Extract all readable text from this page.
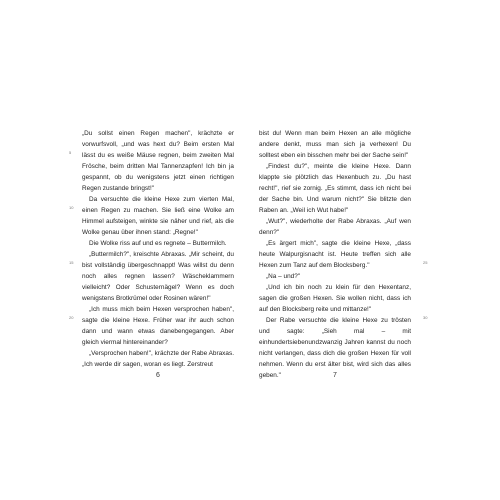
„Du sollst einen Regen machen", krächzte er vorwurfsvoll, „und was hext du? Beim ersten Mal lässt du es weiße Mäuse regnen, beim zweiten Mal Frösche, beim dritten Mal Tannenzapfen! Ich bin ja gespannt, ob du wenigstens jetzt einen richtigen Regen zustande bringst!"

Da versuchte die kleine Hexe zum vierten Mal, einen Regen zu machen. Sie ließ eine Wolke am Himmel aufsteigen, winkte sie näher und rief, als die Wolke genau über ihnen stand: „Regne!"

Die Wolke riss auf und es regnete – Buttermilch.

„Buttermilch?", kreischte Abraxas. „Mir scheint, du bist vollständig übergeschnappt! Was willst du denn noch alles regnen lassen? Wäscheklammern vielleicht? Oder Schusternägel? Wenn es doch wenigstens Brotkrümel oder Rosinen wären!"

„Ich muss mich beim Hexen versprochen haben", sagte die kleine Hexe. Früher war ihr auch schon dann und wann etwas danebengegangen. Aber gleich viermal hintereinander?

„Versprochen haben!", krächzte der Rabe Abraxas. „Ich werde dir sagen, woran es liegt. Zerstreut

bist du! Wenn man beim Hexen an alle mögliche andere denkt, muss man sich ja verhexen! Du solltest eben ein bisschen mehr bei der Sache sein!"

„Findest du?", meinte die kleine Hexe. Dann klappte sie plötzlich das Hexenbuch zu. „Du hast recht!", rief sie zornig. „Es stimmt, dass ich nicht bei der Sache bin. Und warum nicht?" Sie blitzte den Raben an. „Weil ich Wut habe!"

„Wut?", wiederholte der Rabe Abraxas. „Auf wen denn?"

„Es ärgert mich", sagte die kleine Hexe, „dass heute Walpurgisnacht ist. Heute treffen sich alle Hexen zum Tanz auf dem Blocksberg."

„Na – und?"

„Und ich bin noch zu klein für den Hexentanz, sagen die großen Hexen. Sie wollen nicht, dass ich auf den Blocksberg reite und mittanze!"

Der Rabe versuchte die kleine Hexe zu trösten und sagte: „Sieh mal – mit einhundertsiebenundzwanzig Jahren kannst du noch nicht verlangen, dass dich die großen Hexen für voll nehmen. Wenn du erst älter bist, wird sich das alles geben."

5
10
15
20
25
30
6	7
